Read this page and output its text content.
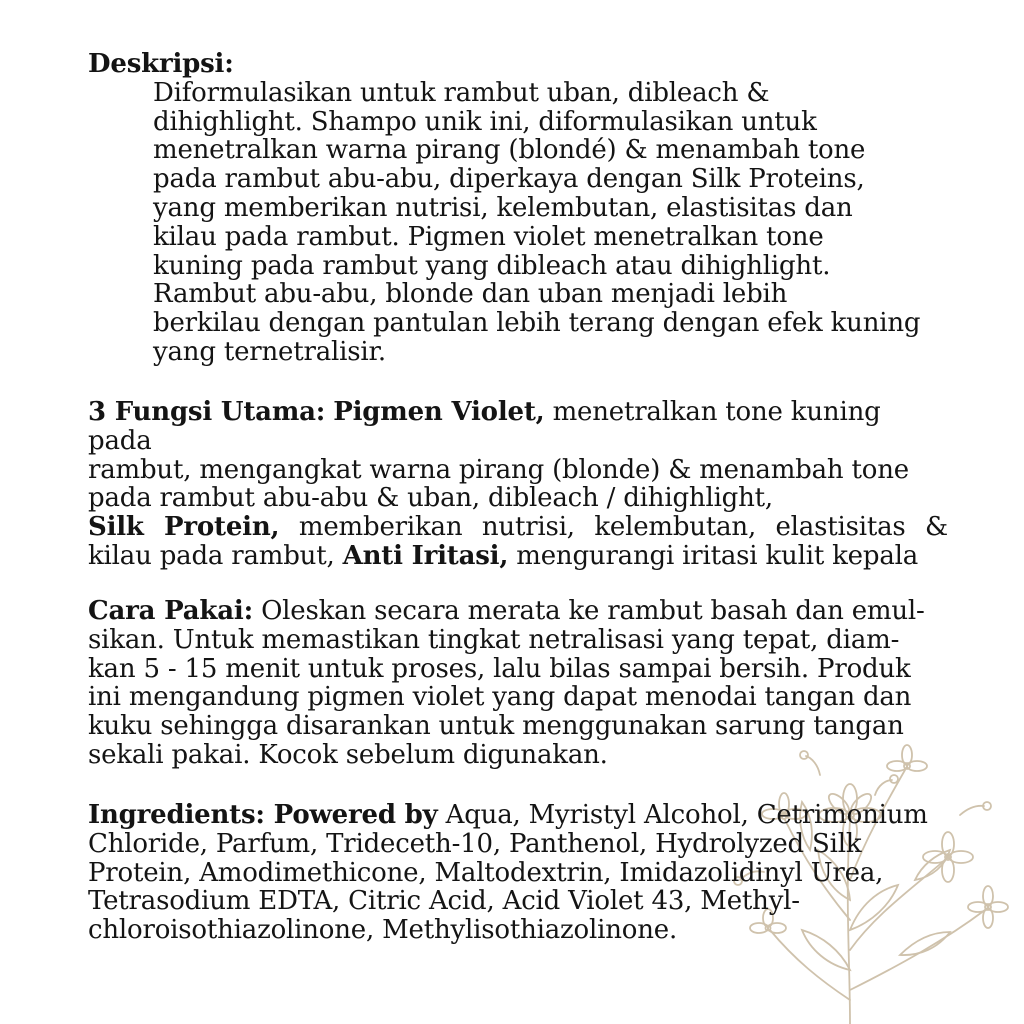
Deskripsi:

Diformulasikan untuk rambut uban, dibleach &

dihighlight. Shampo unik ini, diformulasikan untuk

menetralkan warna pirang (blondé) & menambah tone

pada rambut abu-abu, diperkaya dengan Silk Proteins,

yang memberikan nutrisi, kelembutan, elastisitas dan

kilau pada rambut. Pigmen violet menetralkan tone

kuning pada rambut yang dibleach atau dihighlight.

Rambut abu-abu, blonde dan uban menjadi lebih

berkilau dengan pantulan lebih terang dengan efek kuning

yang ternetralisir.

3 Fungsi Utama: Pigmen Violet, menetralkan tone kuning pada

rambut, mengangkat warna pirang (blonde) & menambah tone

pada rambut abu-abu & uban, dibleach / dihighlight,

Silk Protein, memberikan nutrisi, kelembutan, elastisitas &

kilau pada rambut, Anti Iritasi, mengurangi iritasi kulit kepala

Cara Pakai: Oleskan secara merata ke rambut basah dan emul-

sikan. Untuk memastikan tingkat netralisasi yang tepat, diam-

kan 5 - 15 menit untuk proses, lalu bilas sampai bersih. Produk

ini mengandung pigmen violet yang dapat menodai tangan dan

kuku sehingga disarankan untuk menggunakan sarung tangan

sekali pakai. Kocok sebelum digunakan.

Ingredients: Powered by Aqua, Myristyl Alcohol, Cetrimonium

Chloride, Parfum, Trideceth-10, Panthenol, Hydrolyzed Silk

Protein, Amodimethicone, Maltodextrin, Imidazolidinyl Urea,

Tetrasodium EDTA, Citric Acid, Acid Violet 43, Methyl-

chloroisothiazolinone, Methylisothiazolinone.
